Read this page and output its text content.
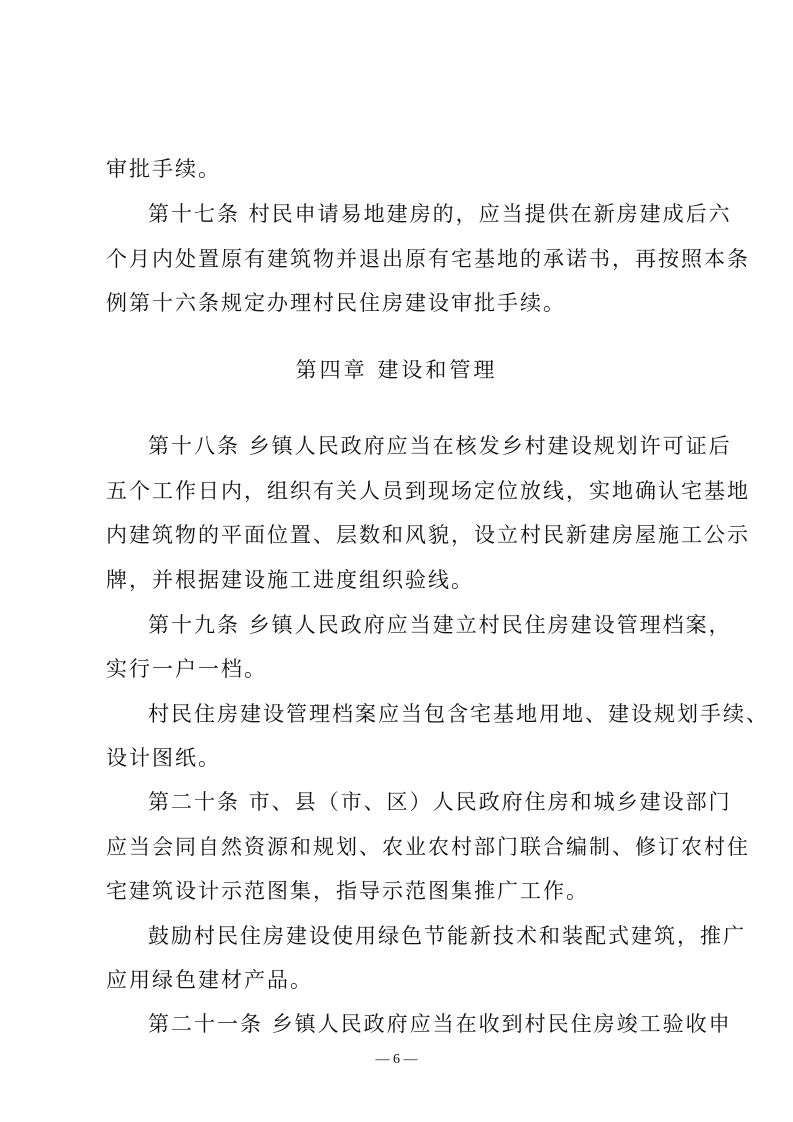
审批手续。
第十七条 村民申请易地建房的，应当提供在新房建成后六
个月内处置原有建筑物并退出原有宅基地的承诺书，再按照本条
例第十六条规定办理村民住房建设审批手续。
第四章 建设和管理
第十八条 乡镇人民政府应当在核发乡村建设规划许可证后
五个工作日内，组织有关人员到现场定位放线，实地确认宅基地
内建筑物的平面位置、层数和风貌，设立村民新建房屋施工公示
牌，并根据建设施工进度组织验线。
第十九条 乡镇人民政府应当建立村民住房建设管理档案，
实行一户一档。
村民住房建设管理档案应当包含宅基地用地、建设规划手续、
设计图纸。
第二十条 市、县（市、区）人民政府住房和城乡建设部门
应当会同自然资源和规划、农业农村部门联合编制、修订农村住
宅建筑设计示范图集，指导示范图集推广工作。
鼓励村民住房建设使用绿色节能新技术和装配式建筑，推广
应用绿色建材产品。
第二十一条 乡镇人民政府应当在收到村民住房竣工验收申
— 6 —
